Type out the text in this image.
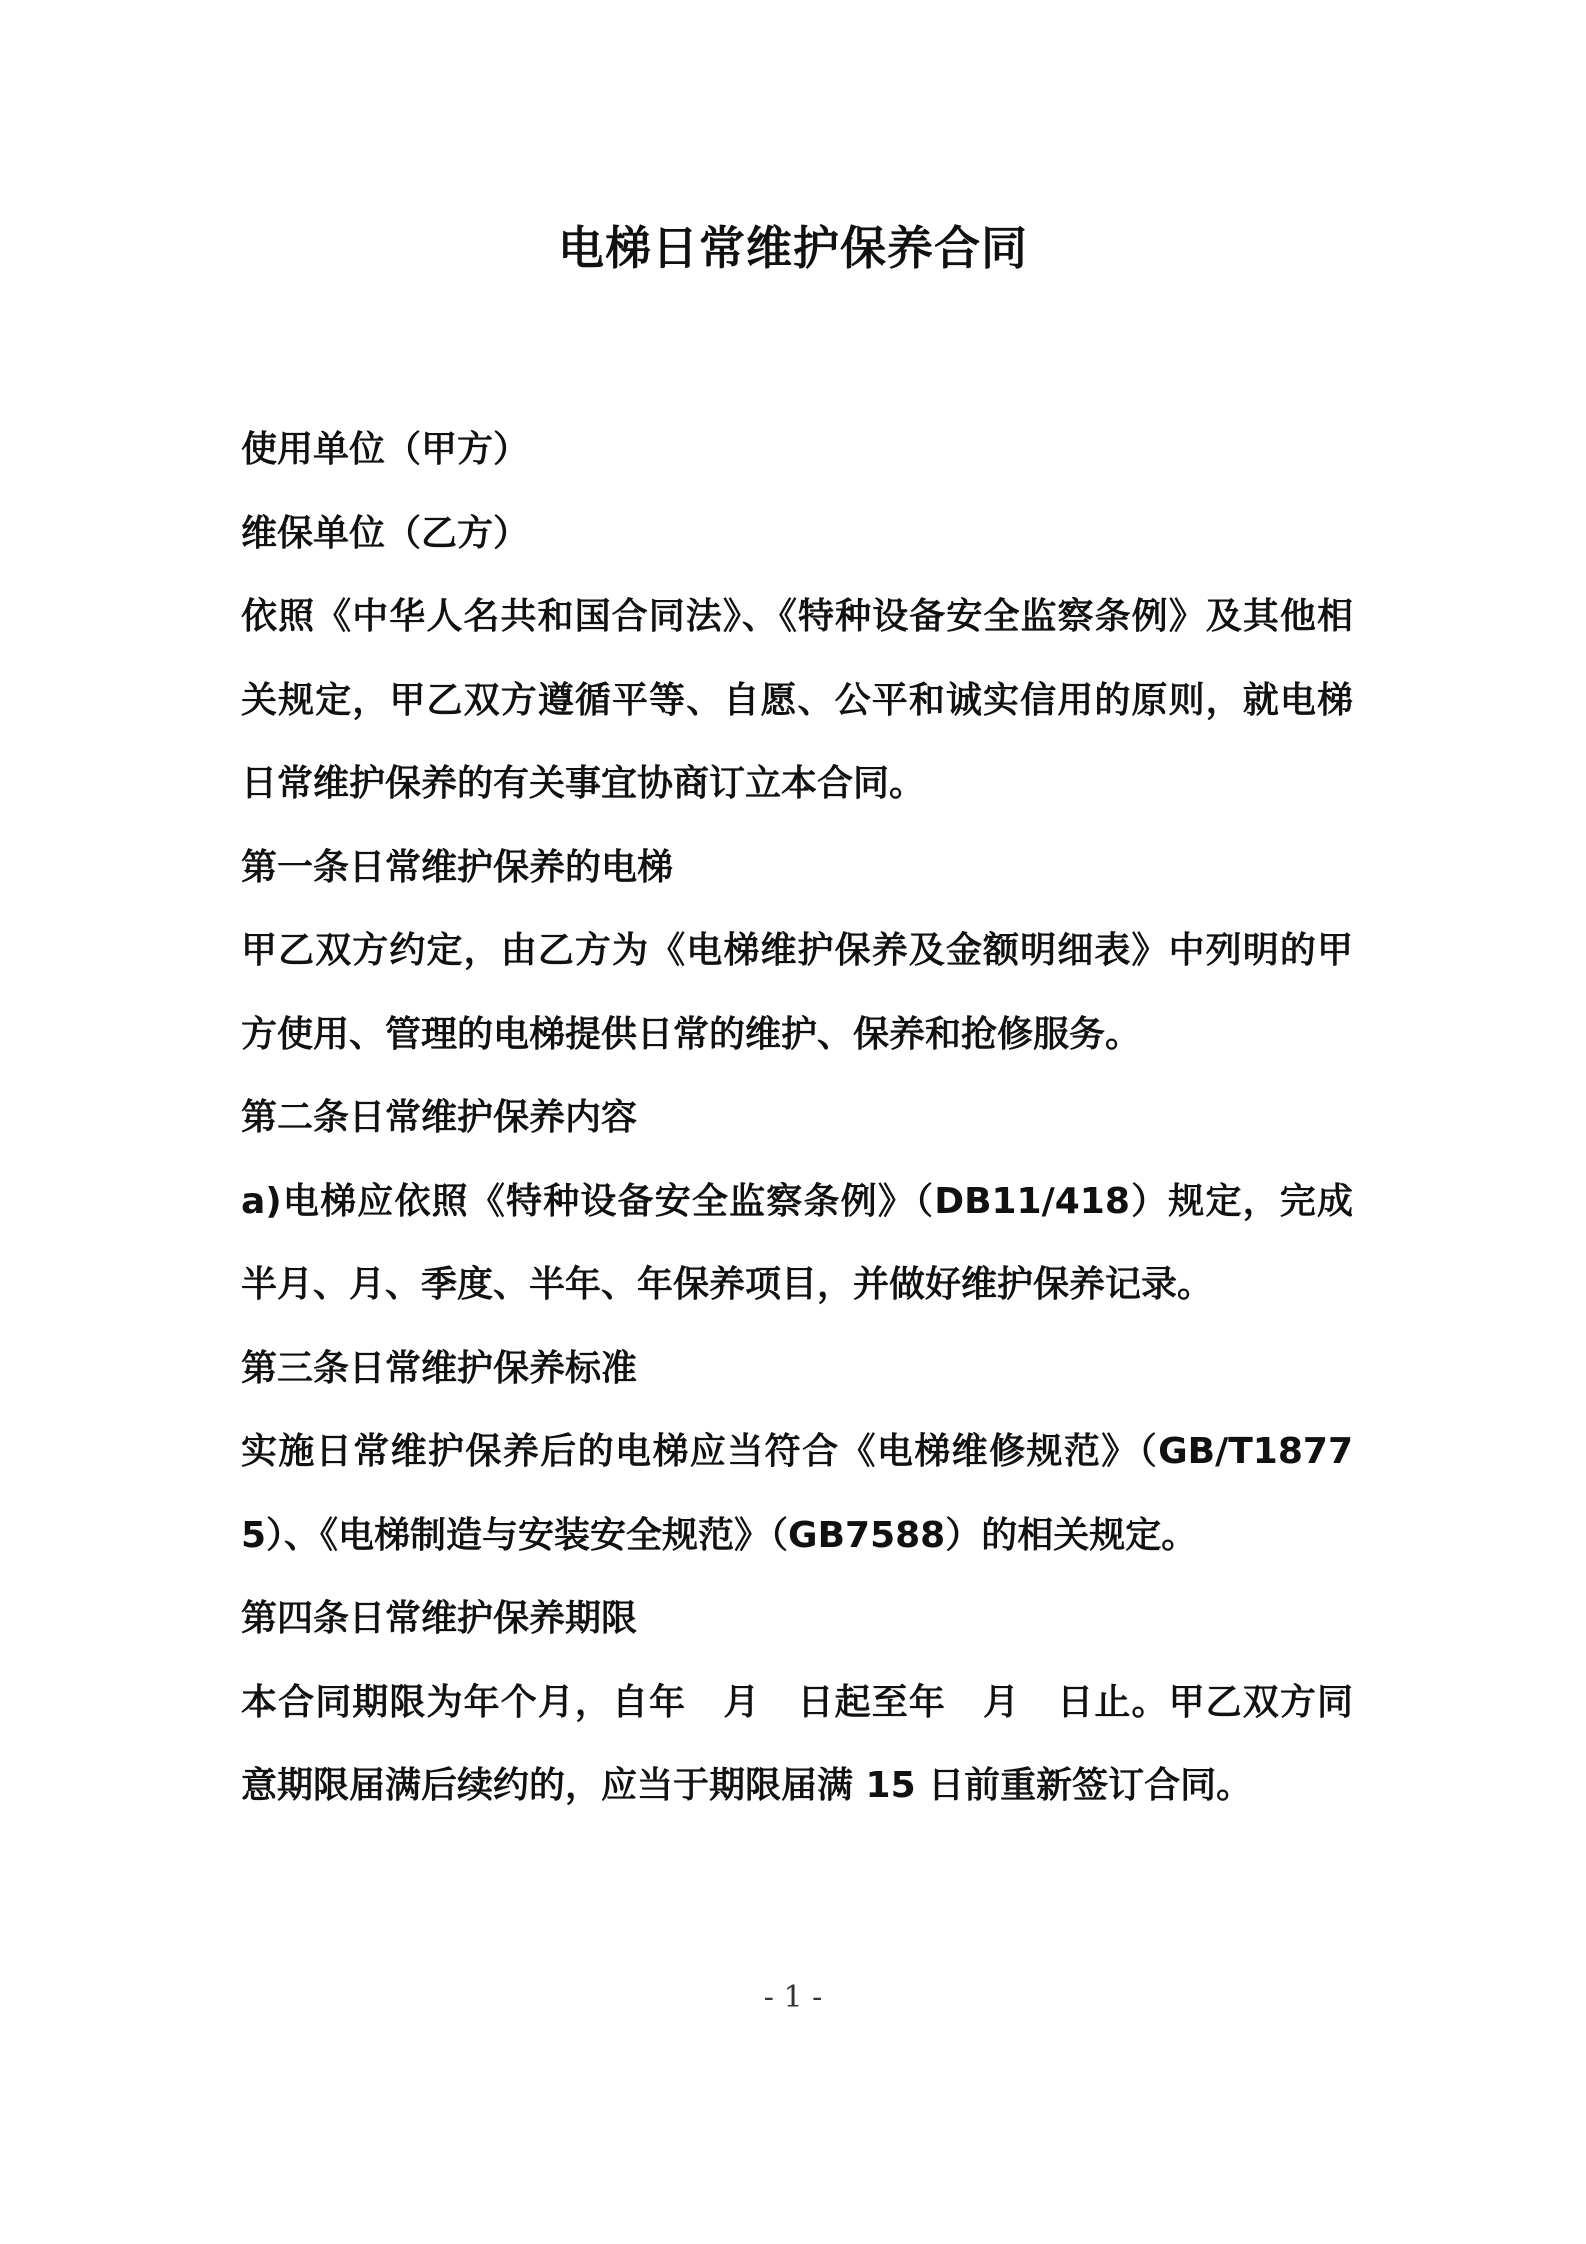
电梯日常维护保养合同

使用单位（甲方）

维保单位（乙方）

依照《中华人名共和国合同法》、《特种设备安全监察条例》及其他相关规定，甲乙双方遵循平等、自愿、公平和诚实信用的原则，就电梯日常维护保养的有关事宜协商订立本合同。

第一条日常维护保养的电梯

甲乙双方约定，由乙方为《电梯维护保养及金额明细表》中列明的甲方使用、管理的电梯提供日常的维护、保养和抢修服务。

第二条日常维护保养内容

a)电梯应依照《特种设备安全监察条例》（DB11/418）规定，完成半月、月、季度、半年、年保养项目，并做好维护保养记录。

第三条日常维护保养标准

实施日常维护保养后的电梯应当符合《电梯维修规范》（GB/T18775）、《电梯制造与安装安全规范》（GB7588）的相关规定。

第四条日常维护保养期限

本合同期限为年个月，自年　月　日起至年　月　日止。甲乙双方同意期限届满后续约的，应当于期限届满 15 日前重新签订合同。

- 1 -
